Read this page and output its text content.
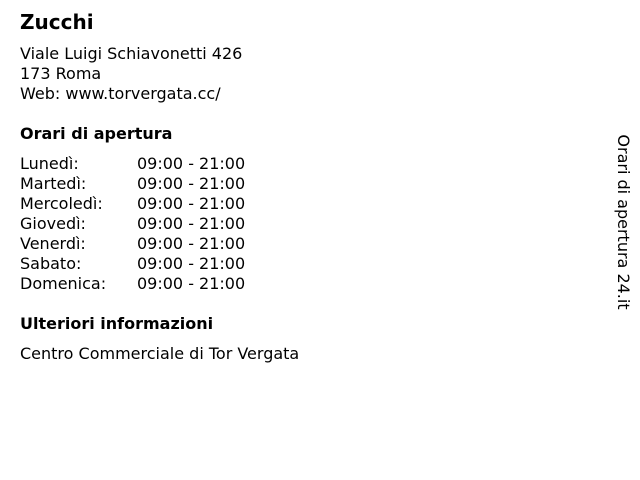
Zucchi
Viale Luigi Schiavonetti 426
173 Roma
Web: www.torvergata.cc/
Orari di apertura
Lunedì:	09:00 - 21:00
Martedì:	09:00 - 21:00
Mercoledì:	09:00 - 21:00
Giovedì:	09:00 - 21:00
Venerdì:	09:00 - 21:00
Sabato:	09:00 - 21:00
Domenica:	09:00 - 21:00
Ulteriori informazioni
Centro Commerciale di Tor Vergata
Orari di apertura 24.it
